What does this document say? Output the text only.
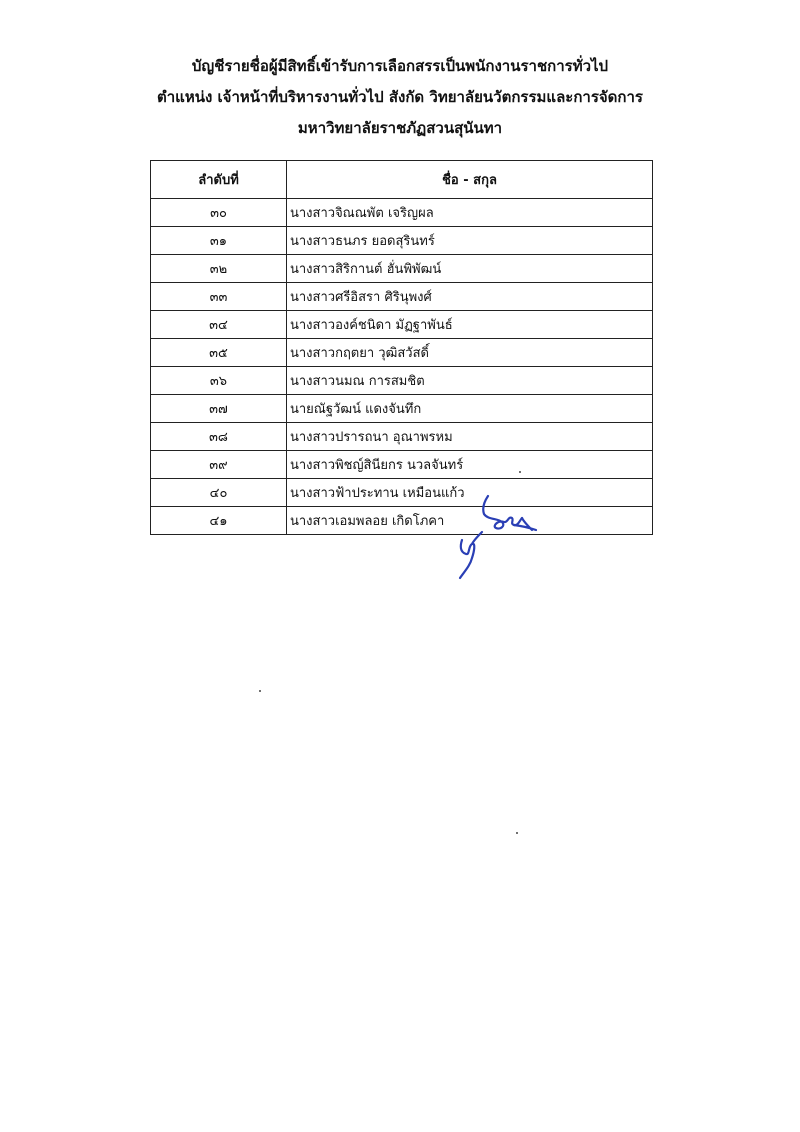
บัญชีรายชื่อผู้มีสิทธิ์เข้ารับการเลือกสรรเป็นพนักงานราชการทั่วไป
ตำแหน่ง เจ้าหน้าที่บริหารงานทั่วไป สังกัด วิทยาลัยนวัตกรรมและการจัดการ
มหาวิทยาลัยราชภัฏสวนสุนันทา
ลำดับที่	ชื่อ - สกุล
๓๐	นางสาวจิณณพัต เจริญผล
๓๑	นางสาวธนภร ยอดสุรินทร์
๓๒	นางสาวสิริกานต์ ฮั่นพิพัฒน์
๓๓	นางสาวศรีอิสรา ศิรินุพงศ์
๓๔	นางสาวองค์ชนิดา มัฏฐาพันธ์
๓๕	นางสาวกฤตยา วุฒิสวัสดิ์
๓๖	นางสาวนมณ การสมชิต
๓๗	นายณัฐวัฒน์ แดงจันทึก
๓๘	นางสาวปรารถนา อุณาพรหม
๓๙	นางสาวพิชญ์สินียกร นวลจันทร์
๔๐	นางสาวฟ้าประทาน เหมือนแก้ว
๔๑	นางสาวเอมพลอย เกิดโภคา
